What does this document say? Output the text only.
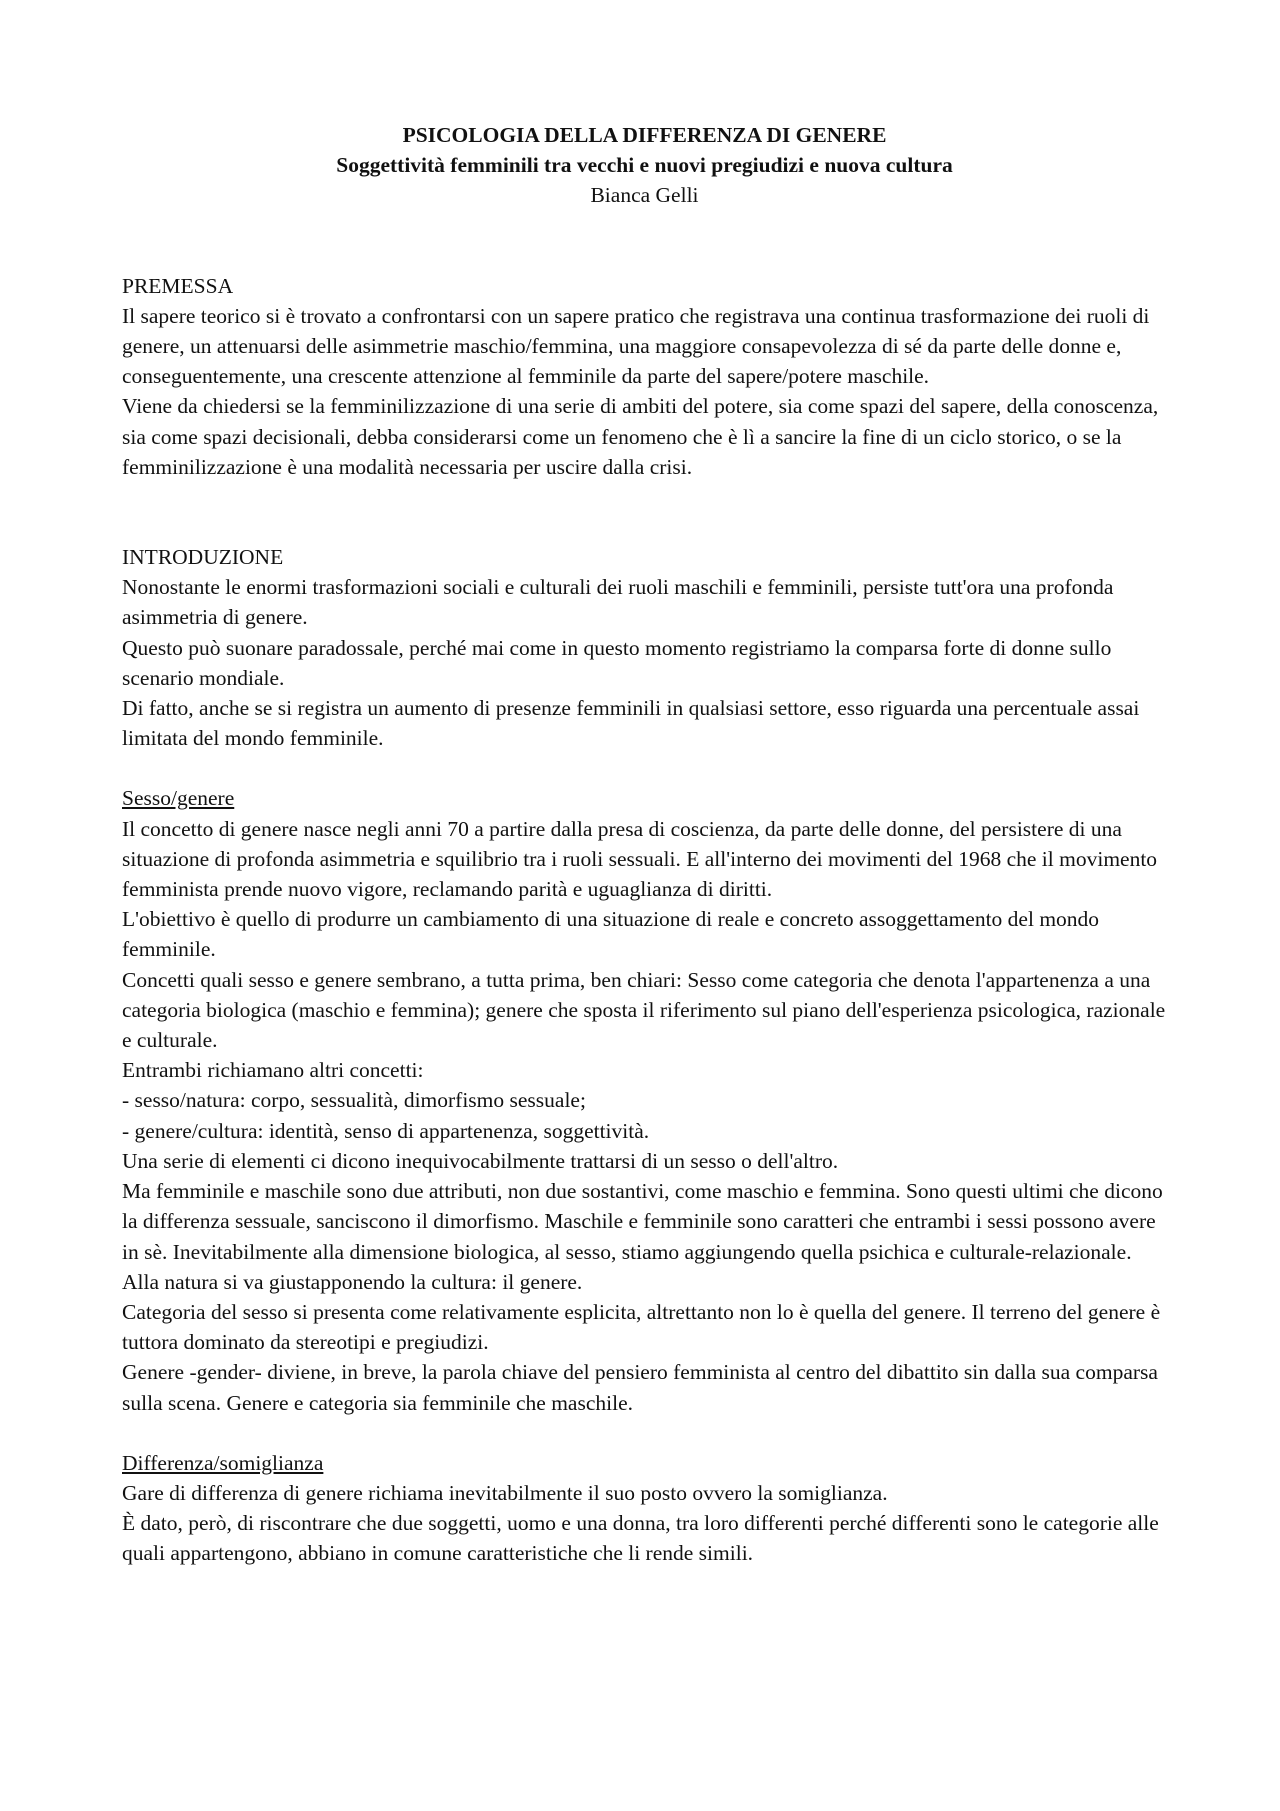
PSICOLOGIA DELLA DIFFERENZA DI GENERE
Soggettività femminili tra vecchi e nuovi pregiudizi e nuova cultura
Bianca Gelli
PREMESSA

Il sapere teorico si è trovato a confrontarsi con un sapere pratico che registrava una continua trasformazione dei ruoli di genere, un attenuarsi delle asimmetrie maschio/femmina, una maggiore consapevolezza di sé da parte delle donne e, conseguentemente, una crescente attenzione al femminile da parte del sapere/potere maschile.

Viene da chiedersi se la femminilizzazione di una serie di ambiti del potere, sia come spazi del sapere, della conoscenza, sia come spazi decisionali, debba considerarsi come un fenomeno che è lì a sancire la fine di un ciclo storico, o se la femminilizzazione è una modalità necessaria per uscire dalla crisi.

INTRODUZIONE

Nonostante le enormi trasformazioni sociali e culturali dei ruoli maschili e femminili, persiste tutt'ora una profonda asimmetria di genere.

Questo può suonare paradossale, perché mai come in questo momento registriamo la comparsa forte di donne sullo scenario mondiale.

Di fatto, anche se si registra un aumento di presenze femminili in qualsiasi settore, esso riguarda una percentuale assai limitata del mondo femminile.

Sesso/genere

Il concetto di genere nasce negli anni 70 a partire dalla presa di coscienza, da parte delle donne, del persistere di una situazione di profonda asimmetria e squilibrio tra i ruoli sessuali. E all'interno dei movimenti del 1968 che il movimento femminista prende nuovo vigore, reclamando parità e uguaglianza di diritti.

L'obiettivo è quello di produrre un cambiamento di una situazione di reale e concreto assoggettamento del mondo femminile.

Concetti quali sesso e genere sembrano, a tutta prima, ben chiari: Sesso come categoria che denota l'appartenenza a una categoria biologica (maschio e femmina); genere che sposta il riferimento sul piano dell'esperienza psicologica, razionale e culturale.

Entrambi richiamano altri concetti:

- sesso/natura: corpo, sessualità, dimorfismo sessuale;

- genere/cultura: identità, senso di appartenenza, soggettività.

Una serie di elementi ci dicono inequivocabilmente trattarsi di un sesso o dell'altro.

Ma femminile e maschile sono due attributi, non due sostantivi, come maschio e femmina. Sono questi ultimi che dicono la differenza sessuale, sanciscono il dimorfismo. Maschile e femminile sono caratteri che entrambi i sessi possono avere in sè. Inevitabilmente alla dimensione biologica, al sesso, stiamo aggiungendo quella psichica e culturale-relazionale.

Alla natura si va giustapponendo la cultura: il genere.

Categoria del sesso si presenta come relativamente esplicita, altrettanto non lo è quella del genere. Il terreno del genere è tuttora dominato da stereotipi e pregiudizi.

Genere -gender- diviene, in breve, la parola chiave del pensiero femminista al centro del dibattito sin dalla sua comparsa sulla scena. Genere e categoria sia femminile che maschile.

Differenza/somiglianza

Gare di differenza di genere richiama inevitabilmente il suo posto ovvero la somiglianza.

È dato, però, di riscontrare che due soggetti, uomo e una donna, tra loro differenti perché differenti sono le categorie alle quali appartengono, abbiano in comune caratteristiche che li rende simili.
